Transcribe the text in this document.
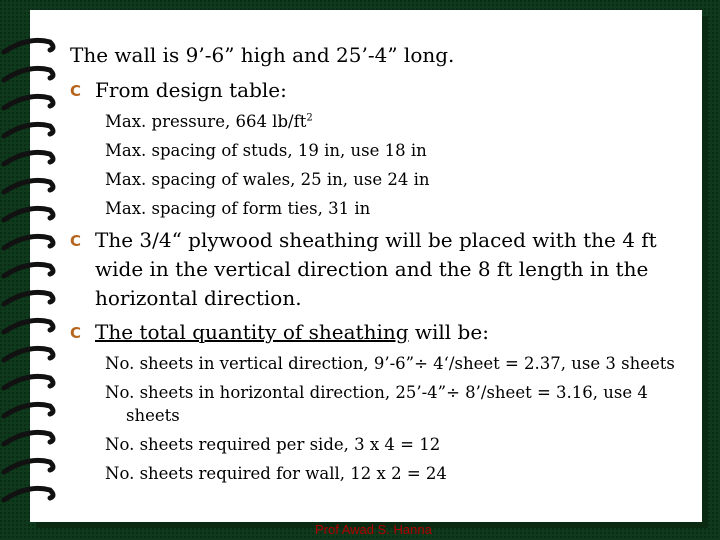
The wall is 9’-6” high and 25’-4” long.
C From design table:
Max. pressure, 664 $lb/ft^2$
Max. spacing of studs, 19 in, use 18 in
Max. spacing of wales, 25 in, use 24 in
Max. spacing of form ties, 31 in
C The 3/4“ plywood sheathing will be placed with the 4 ft
wide in the vertical direction and the 8 ft length in the
horizontal direction.
C The total quantity of sheathing will be:
No. sheets in vertical direction, 9’-6”÷ 4‘/sheet = 2.37, use 3 sheets
No. sheets in horizontal direction, 25’-4”÷ 8’/sheet = 3.16, use 4
sheets
No. sheets required per side, 3 x 4 = 12
No. sheets required for wall, 12 x 2 = 24
Prof Awad S. Hanna
